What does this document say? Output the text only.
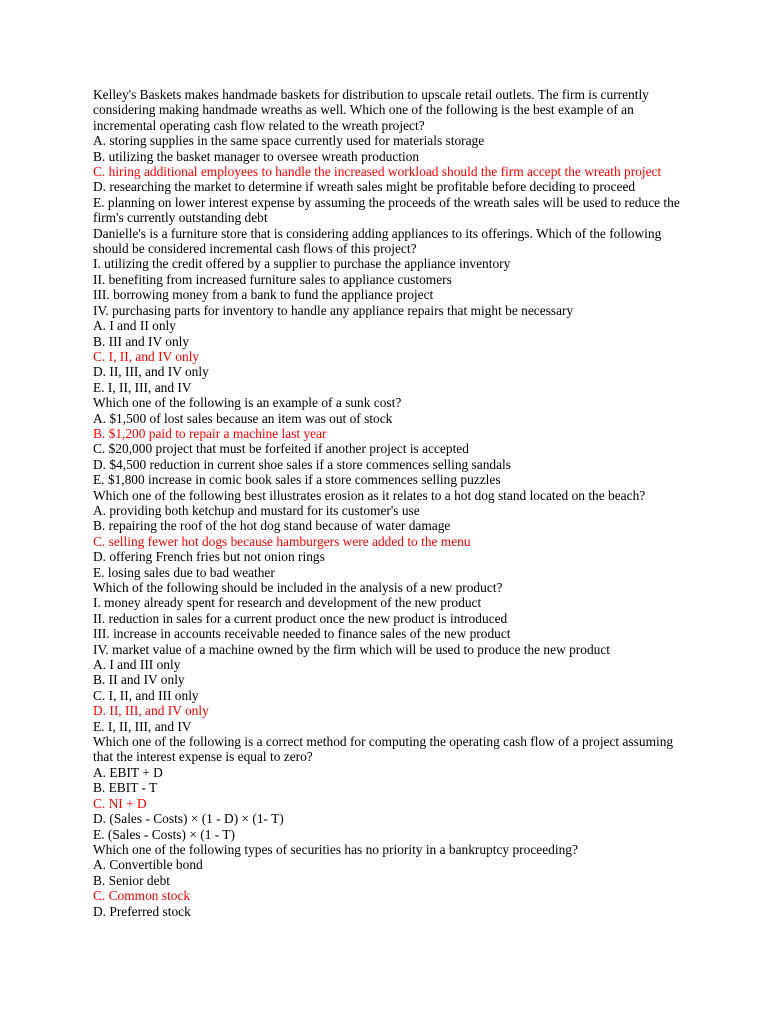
Kelley's Baskets makes handmade baskets for distribution to upscale retail outlets. The firm is currently considering making handmade wreaths as well. Which one of the following is the best example of an incremental operating cash flow related to the wreath project?

A. storing supplies in the same space currently used for materials storage

B. utilizing the basket manager to oversee wreath production

C. hiring additional employees to handle the increased workload should the firm accept the wreath project

D. researching the market to determine if wreath sales might be profitable before deciding to proceed

E. planning on lower interest expense by assuming the proceeds of the wreath sales will be used to reduce the firm's currently outstanding debt

Danielle's is a furniture store that is considering adding appliances to its offerings. Which of the following should be considered incremental cash flows of this project?

I. utilizing the credit offered by a supplier to purchase the appliance inventory

II. benefiting from increased furniture sales to appliance customers

III. borrowing money from a bank to fund the appliance project

IV. purchasing parts for inventory to handle any appliance repairs that might be necessary

A. I and II only

B. III and IV only

C. I, II, and IV only

D. II, III, and IV only

E. I, II, III, and IV

Which one of the following is an example of a sunk cost?

A. $1,500 of lost sales because an item was out of stock

B. $1,200 paid to repair a machine last year

C. $20,000 project that must be forfeited if another project is accepted

D. $4,500 reduction in current shoe sales if a store commences selling sandals

E. $1,800 increase in comic book sales if a store commences selling puzzles

Which one of the following best illustrates erosion as it relates to a hot dog stand located on the beach?

A. providing both ketchup and mustard for its customer's use

B. repairing the roof of the hot dog stand because of water damage

C. selling fewer hot dogs because hamburgers were added to the menu

D. offering French fries but not onion rings

E. losing sales due to bad weather

Which of the following should be included in the analysis of a new product?

I. money already spent for research and development of the new product

II. reduction in sales for a current product once the new product is introduced

III. increase in accounts receivable needed to finance sales of the new product

IV. market value of a machine owned by the firm which will be used to produce the new product

A. I and III only

B. II and IV only

C. I, II, and III only

D. II, III, and IV only

E. I, II, III, and IV

Which one of the following is a correct method for computing the operating cash flow of a project assuming that the interest expense is equal to zero?

A. EBIT + D

B. EBIT - T

C. NI + D

D. (Sales - Costs) × (1 - D) × (1- T)

E. (Sales - Costs) × (1 - T)

Which one of the following types of securities has no priority in a bankruptcy proceeding?

A. Convertible bond

B. Senior debt

C. Common stock

D. Preferred stock
